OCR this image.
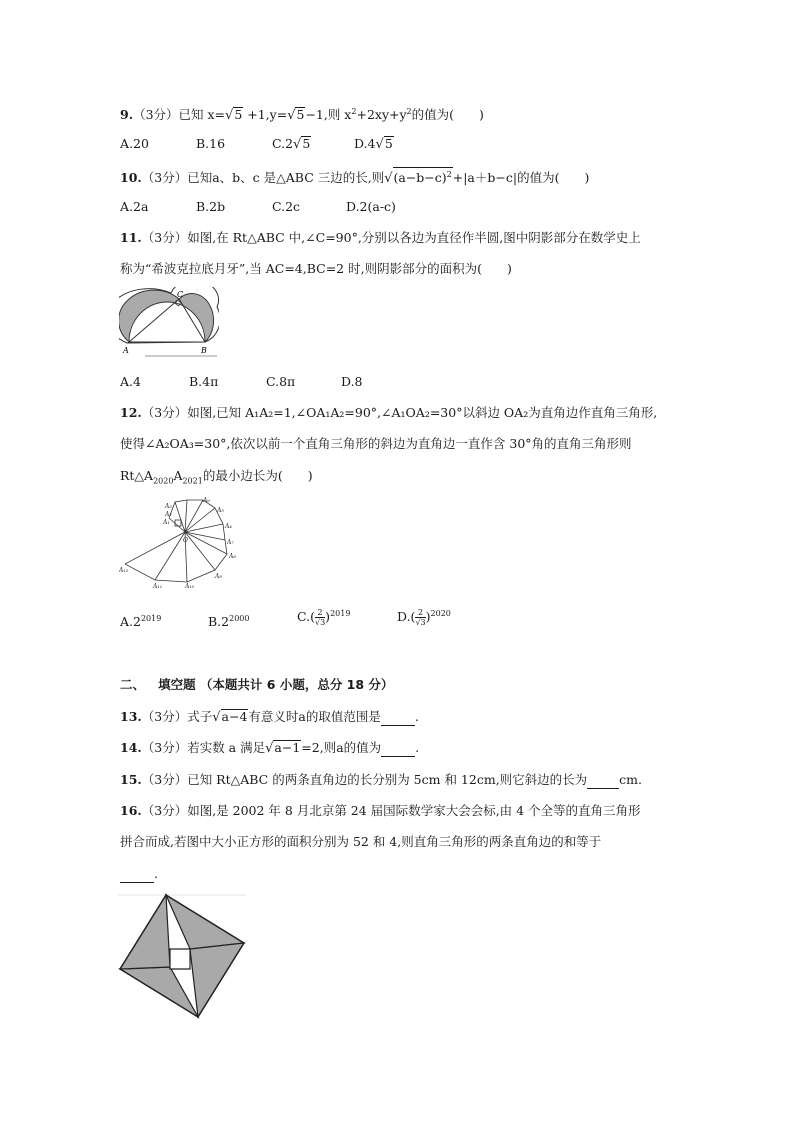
9.（3分）已知 x=√5 +1,y=√5−1,则 $x^2+2xy+y^2$的值为(　　)
A.20	B.16	C.2√5	D.4√5
10.（3分）已知a、b、c 是△ABC 三边的长,则$√(a-b-c)^2+|a+b-c|$的值为(　　)
A.2a	B.2b	C.2c	D.2(a-c)
11.（3分）如图,在 Rt△ABC 中,∠C=90°,分别以各边为直径作半圆,图中阴影部分在数学史上
称为“希波克拉底月牙”,当 AC=4,BC=2 时,则阴影部分的面积为(　　)
C
A	B
A.4	B.4π	C.8π	D.8
12.（3分）如图,已知 A₁A₂=1,∠OA₁A₂=90°,∠A₁OA₂=30°以斜边 OA₂为直角边作直角三角形,
使得∠A₂OA₃=30°,依次以前一个直角三角形的斜边为直角边一直作含 30°角的直角三角形则
$Rt\triangle A_{2020}A_{2021}$的最小边长为(　　)
A₃
A₂
A₁
A₆
A₅
A₄
O
A₁₂
A₁₁	A₁₀
A₉
A₈
A₇
$A.2^{2019}$	$B.2^{2000}$	$C.( \frac{2}{√3})^{2019}$	$D.( \frac{2}{√3})^{2020}$
二、 填空题 （本题共计 6 小题，总分 18 分）
13.（3分）式子√a−4有意义时a的取值范围是	.
14.（3分）若实数 a 满足√a−1=2,则a的值为	.
15.（3分）已知 Rt△ABC 的两条直角边的长分别为 5cm 和 12cm,则它斜边的长为	cm.
16.（3分）如图,是 2002 年 8 月北京第 24 届国际数学家大会会标,由 4 个全等的直角三角形
拼合而成,若图中大小正方形的面积分别为 52 和 4,则直角三角形的两条直角边的和等于
.
